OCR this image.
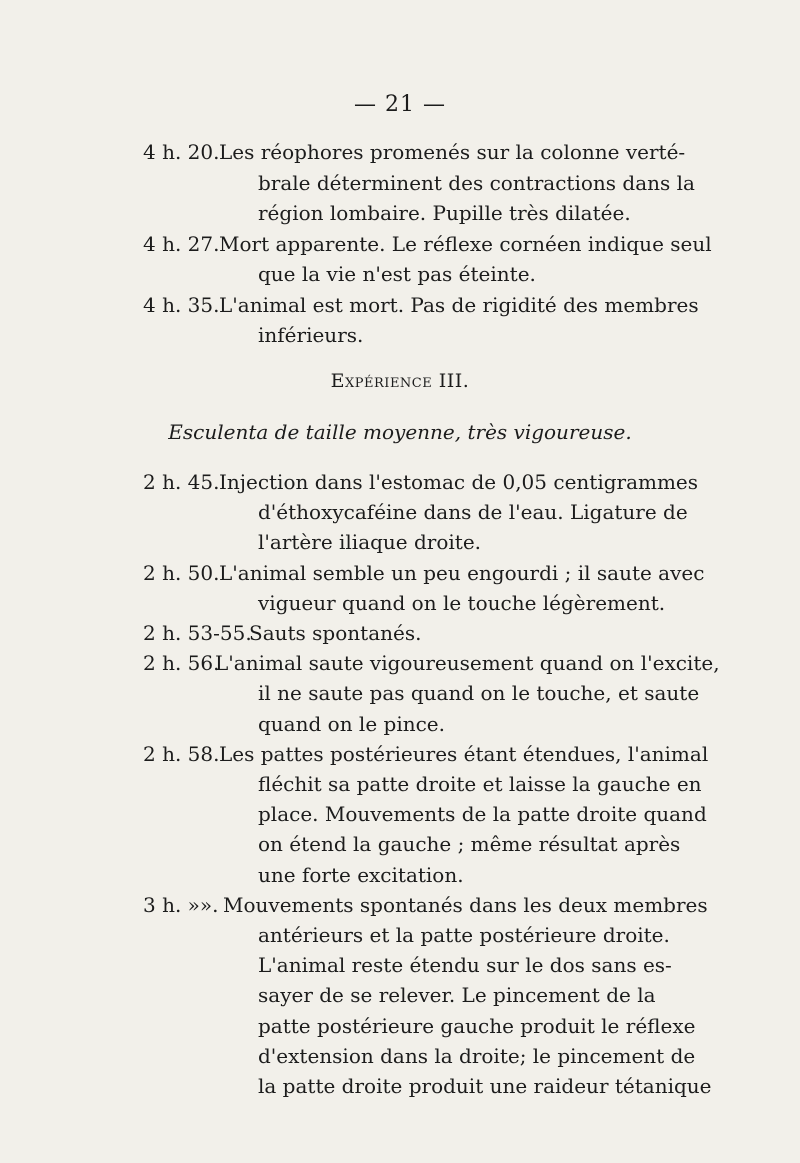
— 21 —
4 h. 20. Les réophores promenés sur la colonne verté-
brale déterminent des contractions dans la
région lombaire. Pupille très dilatée.
4 h. 27. Mort apparente. Le réflexe cornéen indique seul
que la vie n'est pas éteinte.
4 h. 35. L'animal est mort. Pas de rigidité des membres
inférieurs.
Expérience III.
Esculenta de taille moyenne, très vigoureuse.
2 h. 45. Injection dans l'estomac de 0,05 centigrammes
d'éthoxycaféine dans de l'eau. Ligature de
l'artère iliaque droite.
2 h. 50. L'animal semble un peu engourdi ; il saute avec
vigueur quand on le touche légèrement.
2 h. 53-55.
Sauts spontanés.
2 h. 56.
L'animal saute vigoureusement quand on l'excite,
il ne saute pas quand on le touche, et saute
quand on le pince.
2 h. 58. Les pattes postérieures étant étendues, l'animal
fléchit sa patte droite et laisse la gauche en
place. Mouvements de la patte droite quand
on étend la gauche ; même résultat après
une forte excitation.
3 h. »». Mouvements spontanés dans les deux membres
antérieurs et la patte postérieure droite.
L'animal reste étendu sur le dos sans es-
sayer de se relever. Le pincement de la
patte postérieure gauche produit le réflexe
d'extension dans la droite; le pincement de
la patte droite produit une raideur tétanique
